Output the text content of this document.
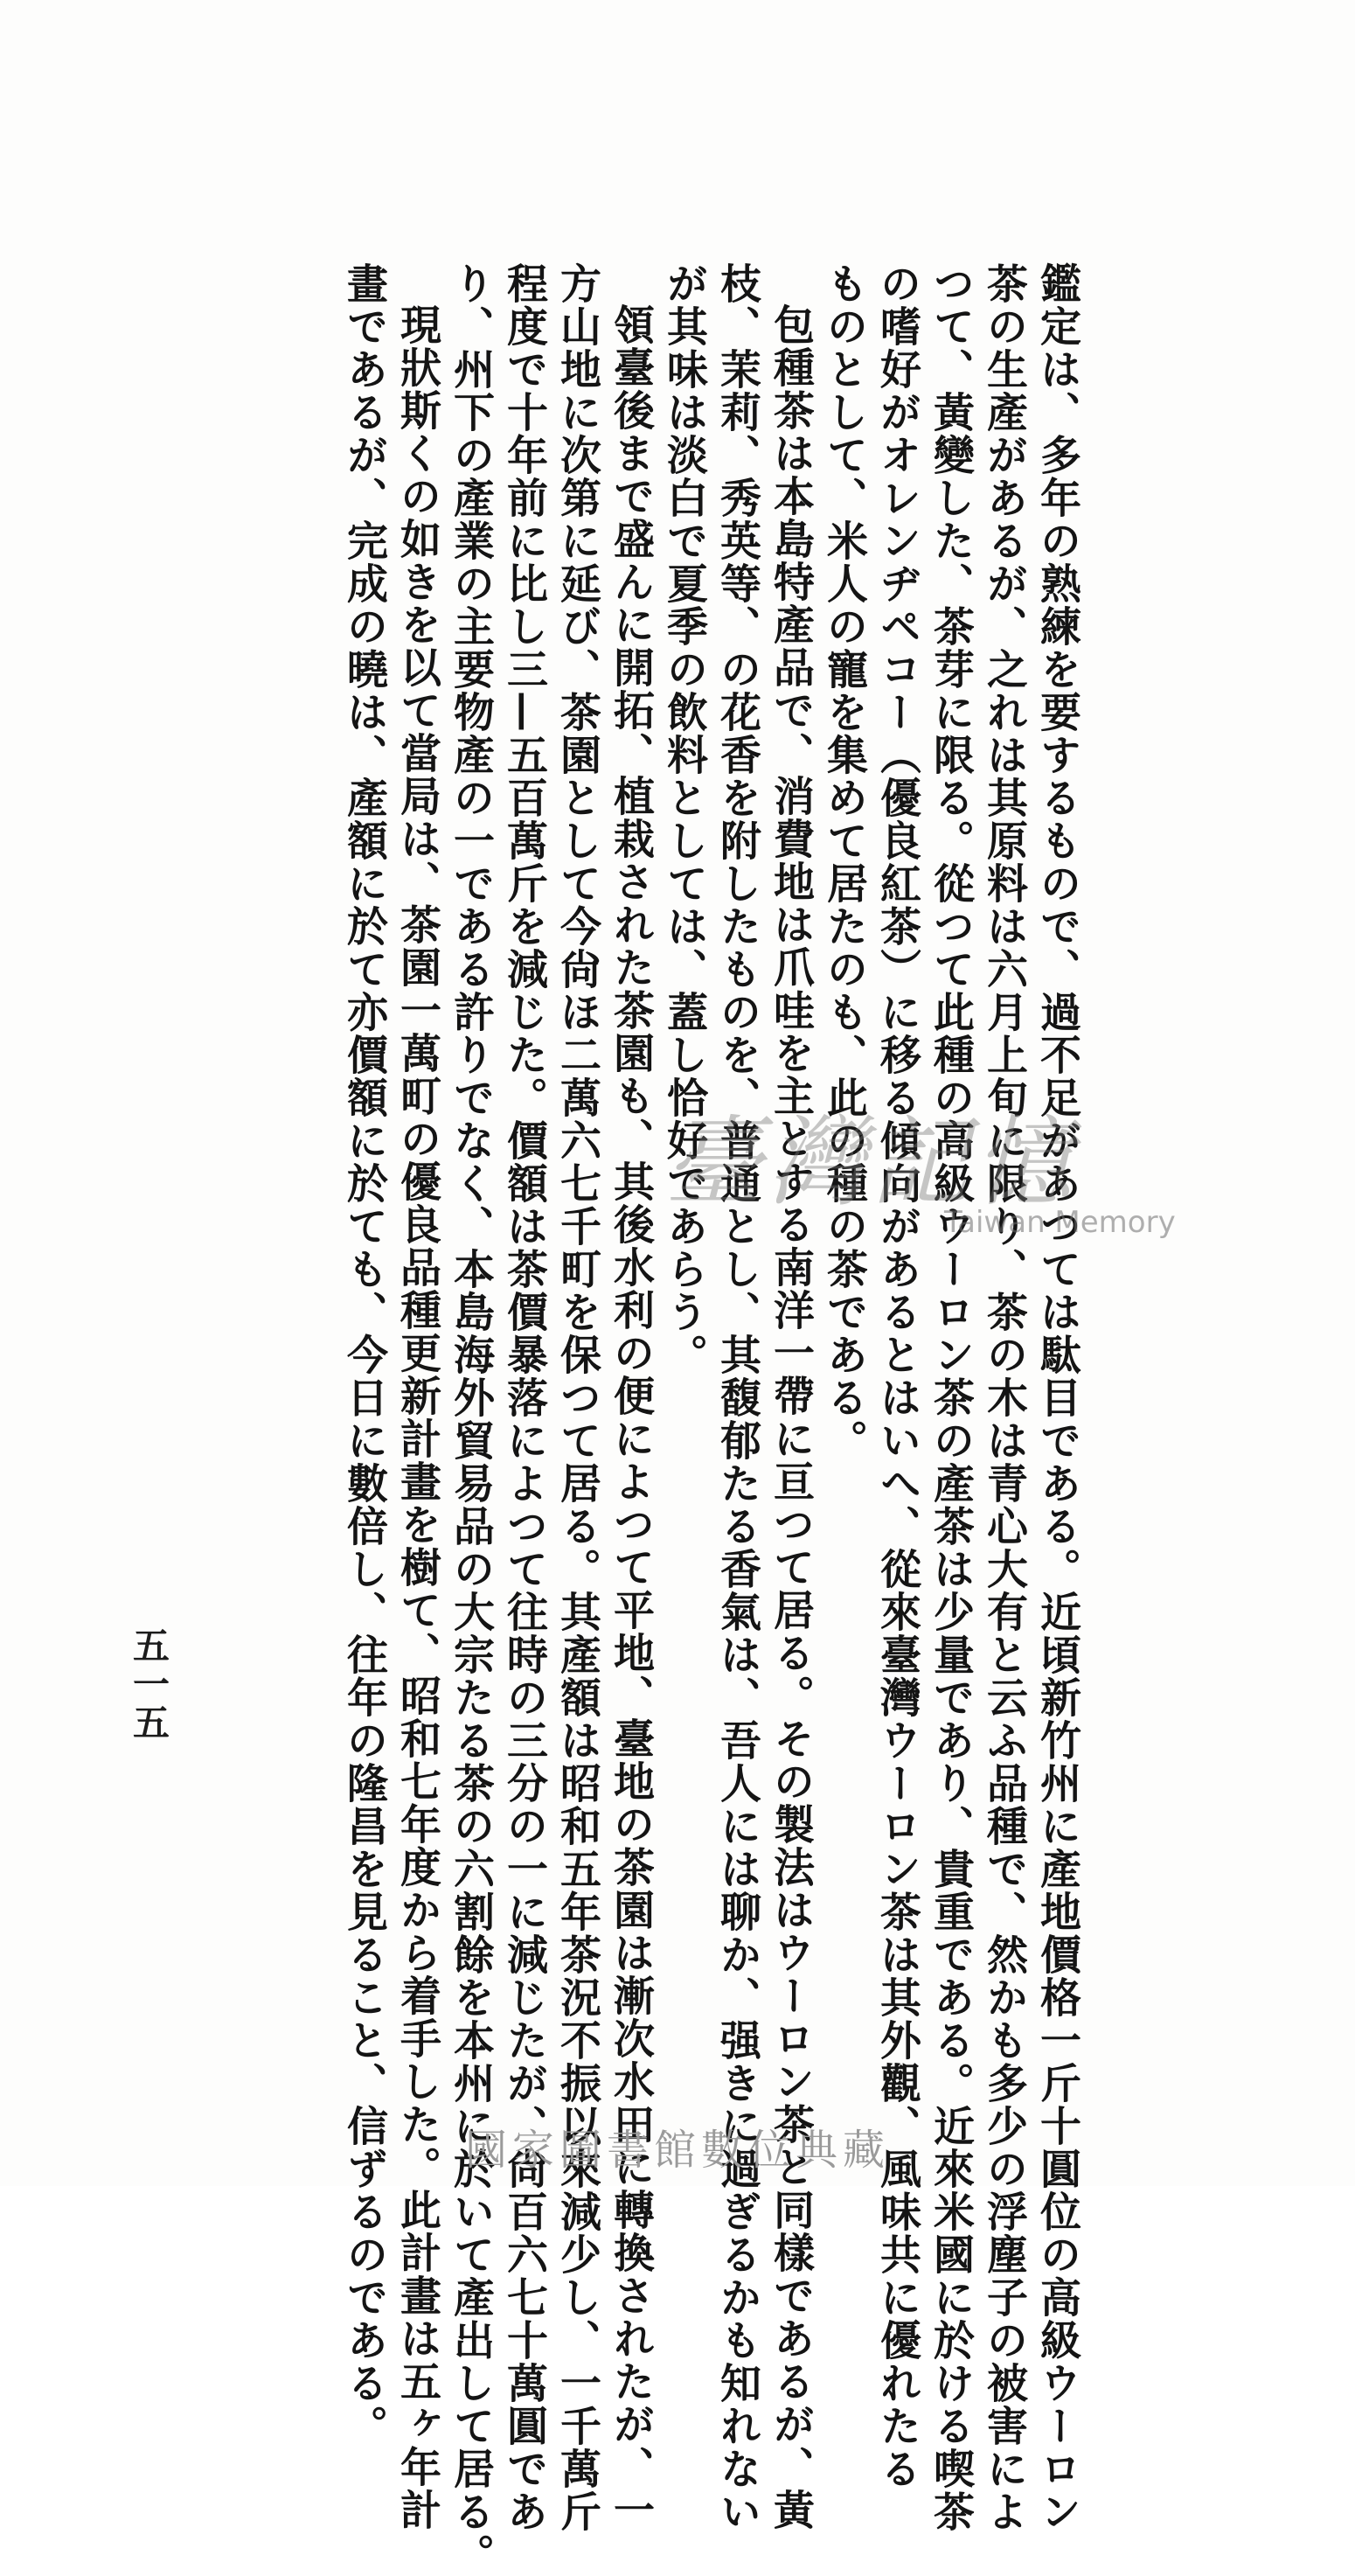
鑑定は、多年の熟練を要するもので、過不足があつては駄目である。近頃新竹州に產地價格一斤十圓位の高級ウーロン
茶の生產があるが、之れは其原料は六月上旬に限り、茶の木は青心大有と云ふ品種で、然かも多少の浮塵子の被害によ
つて、黃變した、茶芽に限る。從つて此種の高級ウーロン茶の產茶は少量であり、貴重である。近來米國に於ける喫茶
の嗜好がオレンヂペコー（優良紅茶）に移る傾向があるとはいへ、從來臺灣ウーロン茶は其外觀、風味共に優れたる
ものとして、米人の寵を集めて居たのも、此の種の茶である。
包種茶は本島特產品で、消費地は爪哇を主とする南洋一帶に亘つて居る。その製法はウーロン茶と同樣であるが、黃
枝、茉莉、秀英等、の花香を附したものを、普通とし、其馥郁たる香氣は、吾人には聊か、强きに過ぎるかも知れない
が其味は淡白で夏季の飲料としては、蓋し恰好であらう。
領臺後まで盛んに開拓、植栽された茶園も、其後水利の便によつて平地、臺地の茶園は漸次水田に轉換されたが、一
方山地に次第に延び、茶園として今尙ほ二萬六七千町を保つて居る。其產額は昭和五年茶況不振以來減少し、一千萬斤
程度で十年前に比し三—五百萬斤を減じた。價額は茶價暴落によつて往時の三分の一に減じたが、尙百六七十萬圓であ
り、州下の產業の主要物產の一である許りでなく、本島海外貿易品の大宗たる茶の六割餘を本州に於いて產出して居る。
現狀斯くの如きを以て當局は、茶園一萬町の優良品種更新計畫を樹て、昭和七年度から着手した。此計畫は五ヶ年計
畫であるが、完成の曉は、產額に於て亦價額に於ても、今日に數倍し、往年の隆昌を見ること、信ずるのである。
五一五
臺灣記憶
Taiwan Memory
國家圖書館數位典藏
